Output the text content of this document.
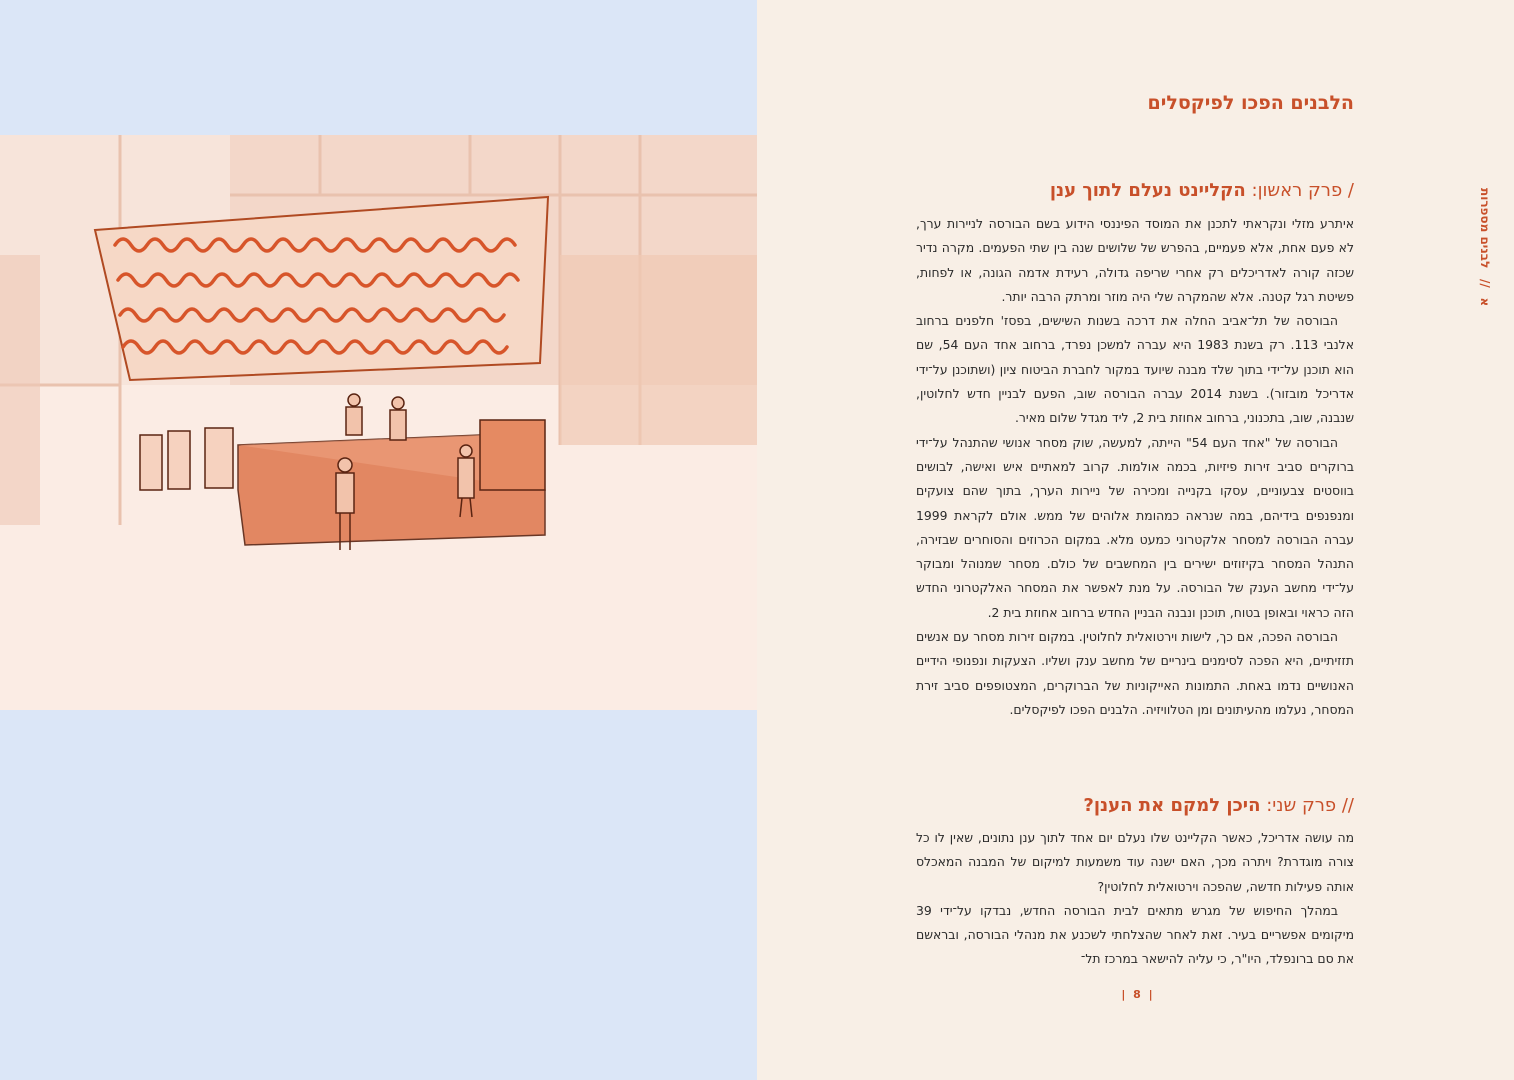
א // לבנים מספרות
הלבנים הפכו לפיקסלים
/ פרק ראשון: הקליינט נעלם לתוך ענן

איתרע מזלי ונקראתי לתכנן את המוסד הפיננסי הידוע בשם הבורסה לניירות ערך, לא פעם אחת, אלא פעמיים, בהפרש של שלושים שנה בין שתי הפעמים. מקרה נדיר שכזה קורה לאדריכלים רק אחרי שריפה גדולה, רעידת אדמה הגונה, או לפחות, פשיטת רגל קטנה. אלא שהמקרה שלי היה מוזר ומרתק הרבה יותר.

הבורסה של תל־אביב החלה את דרכה בשנות השישים, בפסז' חלפנים ברחוב אלנבי 113. רק בשנת 1983 היא עברה למשכן נפרד, ברחוב אחד העם 54, שם הוא תוכנן על־ידי בתוך שלד מבנה שיועד במקור לחברת הביטוח ציון (ושתוכנן על־ידי אדריכל מובזור). בשנת 2014 עברה הבורסה שוב, הפעם לבניין חדש לחלוטין, שנבנה, שוב, בתכנוני, ברחוב אחוזת בית 2, ליד מגדל שלום מאיר.

הבורסה של "אחד העם 54" הייתה, למעשה, שוק מסחר אנושי שהתנהל על־ידי ברוקרים סביב זירות פיזיות, בכמה אולמות. קרוב למאתיים איש ואישה, לבושים בווסטים צבעוניים, עסקו בקנייה ומכירה של ניירות הערך, בתוך שהם צועקים ומנפנפים בידיהם, במה שנראה כמהומת אלוהים של ממש. אולם לקראת 1999 עברה הבורסה למסחר אלקטרוני כמעט מלא. במקום הכרוזים והסוחרים שבזירה, התנהל המסחר בקיזוזים ישירים בין המחשבים של כולם. מסחר שמנוהל ומבוקר על־ידי מחשב הענק של הבורסה. על מנת לאפשר את המסחר האלקטרוני החדש הזה כראוי ובאופן בטוח, תוכנן ונבנה הבניין החדש ברחוב אחוזת בית 2.

הבורסה הפכה, אם כך, לישות וירטואלית לחלוטין. במקום זירות מסחר עם אנשים תזזיתיים, היא הפכה לסימנים בינריים של מחשב ענק ושליו. הצעקות ונפנופי הידיים האנושיים נדמו באחת. התמונות האייקוניות של הברוקרים, המצטופפים סביב זירת המסחר, נעלמו מהעיתונים ומן הטלוויזיה. הלבנים הפכו לפיקסלים.

// פרק שני: היכן למקם את הענן?

מה עושה אדריכל, כאשר הקליינט שלו נעלם יום אחד לתוך ענן נתונים, שאין לו כל צורה מוגדרת? ויתרה מכך, האם ישנה עוד משמעות למיקום של המבנה המאכלס אותה פעילות חדשה, שהפכה וירטואלית לחלוטין?

במהלך החיפוש של מגרש מתאים לבית הבורסה החדש, נבדקו על־ידי 39 מיקומים אפשריים בעיר. זאת לאחר שהצלחתי לשכנע את מנהלי הבורסה, ובראשם את סם ברונפלד, היו"ר, כי עליה להישאר במרכז תל־

| 8 |
